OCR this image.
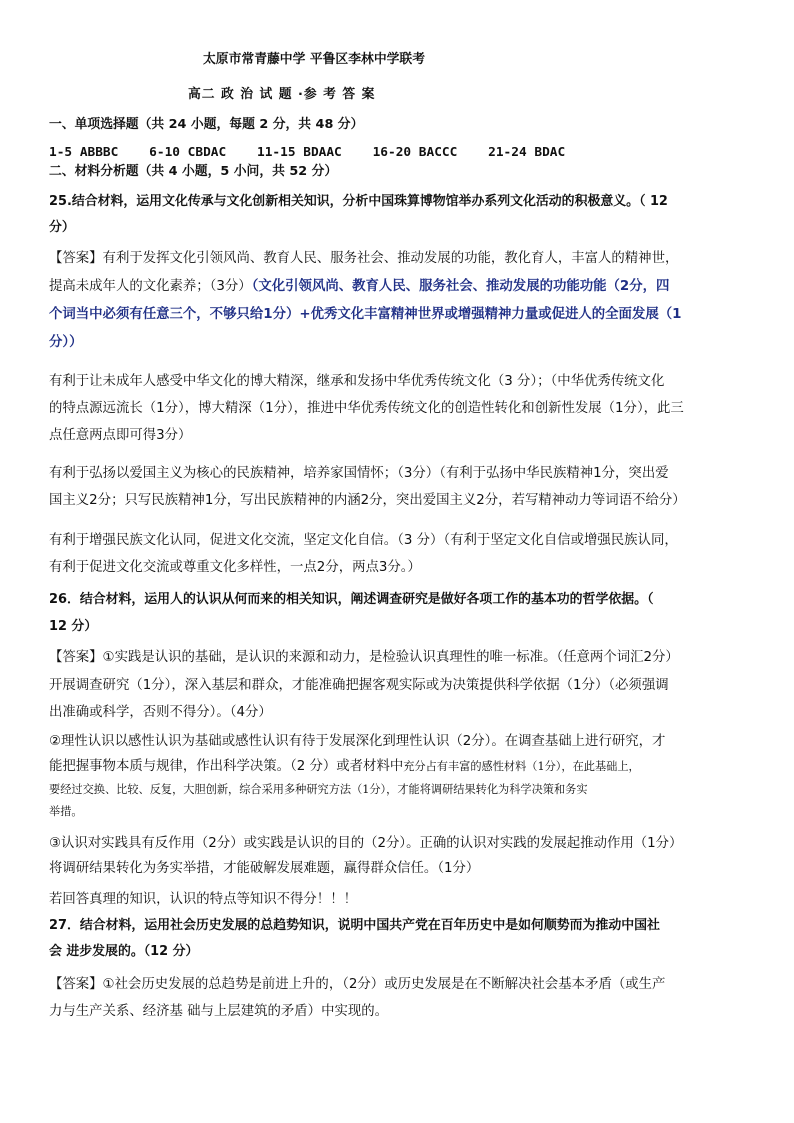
太原市常青藤中学 平鲁区李林中学联考
高二 政 治 试 题 ·参 考 答 案
一、单项选择题（共 24 小题，每题 2 分，共 48 分）
1-5 ABBBC    6-10 CBDAC    11-15 BDAAC    16-20 BACCC    21-24 BDAC
二、材料分析题（共 4 小题，5 小问，共 52 分）
25.结合材料，运用文化传承与文化创新相关知识，分析中国珠算博物馆举办系列文化活动的积极意义。（ 12
分）
【答案】有利于发挥文化引领风尚、教育人民、服务社会、推动发展的功能，教化育人，丰富人的精神世，
提高未成年人的文化素养；（3分）（文化引领风尚、教育人民、服务社会、推动发展的功能功能（2分，四
个词当中必须有任意三个，不够只给1分）+优秀文化丰富精神世界或增强精神力量或促进人的全面发展（1
分））
有利于让未成年人感受中华文化的博大精深，继承和发扬中华优秀传统文化（3 分）；（中华优秀传统文化
的特点源远流长（1分），博大精深（1分），推进中华优秀传统文化的创造性转化和创新性发展（1分），此三
点任意两点即可得3分）
有利于弘扬以爱国主义为核心的民族精神，培养家国情怀；（3分）（有利于弘扬中华民族精神1分，突出爱
国主义2分；只写民族精神1分，写出民族精神的内涵2分，突出爱国主义2分，若写精神动力等词语不给分）
有利于增强民族文化认同，促进文化交流，坚定文化自信。（3 分）（有利于坚定文化自信或增强民族认同，
有利于促进文化交流或尊重文化多样性，一点2分，两点3分。）
26．结合材料，运用人的认识从何而来的相关知识，阐述调查研究是做好各项工作的基本功的哲学依据。（
12 分）
【答案】①实践是认识的基础，是认识的来源和动力，是检验认识真理性的唯一标准。（任意两个词汇2分）
开展调查研究（1分），深入基层和群众，才能准确把握客观实际或为决策提供科学依据（1分）（必须强调
出准确或科学，否则不得分）。（4分）
②理性认识以感性认识为基础或感性认识有待于发展深化到理性认识（2分）。在调查基础上进行研究，才
能把握事物本质与规律，作出科学决策。（2 分）或者材料中充分占有丰富的感性材料（1分），在此基础上，
要经过交换、比较、反复，大胆创新，综合采用多种研究方法（1分），才能将调研结果转化为科学决策和务实
举措。
③认识对实践具有反作用（2分）或实践是认识的目的（2分）。正确的认识对实践的发展起推动作用（1分）
将调研结果转化为务实举措，才能破解发展难题，赢得群众信任。（1分）
若回答真理的知识，认识的特点等知识不得分！！！
27．结合材料，运用社会历史发展的总趋势知识，说明中国共产党在百年历史中是如何顺势而为推动中国社
会 进步发展的。（12 分）
【答案】①社会历史发展的总趋势是前进上升的，（2分）或历史发展是在不断解决社会基本矛盾（或生产
力与生产关系、经济基 础与上层建筑的矛盾）中实现的。
